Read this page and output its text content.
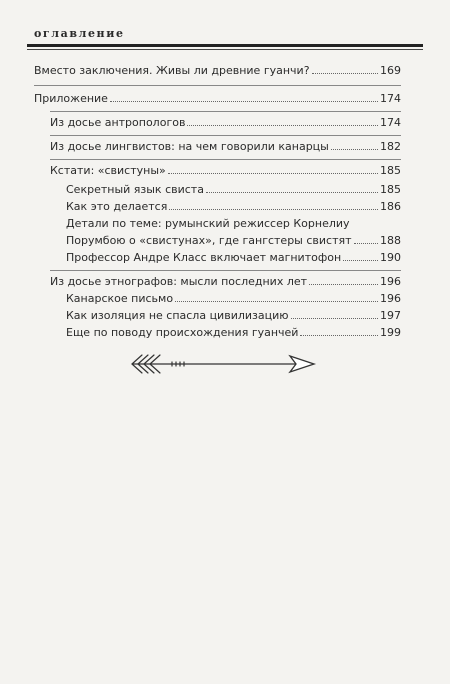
оглавление
Вместо заключения. Живы ли древние гуанчи?	169
Приложение	174
Из досье антропологов	174
Из досье лингвистов: на чем говорили канарцы	182
Кстати: «свистуны»	185
Секретный язык свиста	185
Как это делается	186
Детали по теме: румынский режиссер Корнелиу
Порумбою о «свистунах», где гангстеры свистят	188
Профессор Андре Класс включает магнитофон	190
Из досье этнографов: мысли последних лет	196
Канарское письмо	196
Как изоляция не спасла цивилизацию	197
Еще по поводу происхождения гуанчей	199
